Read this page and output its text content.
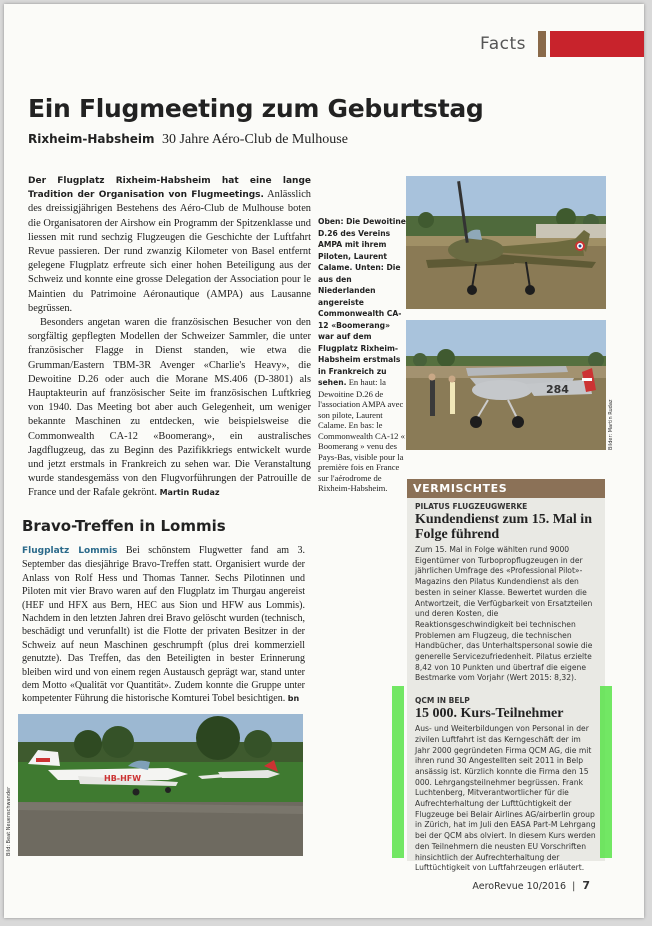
Facts
Ein Flugmeeting zum Geburtstag
Rixheim-Habsheim 30 Jahre Aéro-Club de Mulhouse

Der Flugplatz Rixheim-Habsheim hat eine lange Tradition der Organisation von Flugmeetings. Anlässlich des dreissigjährigen Bestehens des Aéro-Club de Mulhouse boten die Organisatoren der Airshow ein Programm der Spitzenklasse und liessen mit rund sechzig Flugzeugen die Geschichte der Luftfahrt Revue passieren. Der rund zwanzig Kilometer von Basel entfernt gelegene Flugplatz erfreute sich einer hohen Beteiligung aus der Schweiz und konnte eine grosse Delegation der Association pour le Maintien du Patrimoine Aéronautique (AMPA) aus Lausanne begrüssen.

Besonders angetan waren die französischen Besucher von den sorgfältig gepflegten Modellen der Schweizer Sammler, die unter französischer Flagge in Dienst standen, wie etwa die Grumman/Eastern TBM-3R Avenger «Charlie's Heavy», die Dewoitine D.26 oder auch die Morane MS.406 (D-3801) als Hauptakteurin auf französischer Seite im französischen Luftkrieg von 1940. Das Meeting bot aber auch Gelegenheit, um weniger bekannte Maschinen zu entdecken, wie beispielsweise die Commonwealth CA-12 «Boomerang», ein australisches Jagdflugzeug, das zu Beginn des Pazifikkriegs entwickelt wurde und jetzt erstmals in Frankreich zu sehen war. Die Veranstaltung wurde standesgemäss von den Flugvorführungen der Patrouille de France und der Rafale gekrönt. Martin Rudaz

Oben: Die Dewoitine D.26 des Vereins AMPA mit ihrem Piloten, Laurent Calame. Unten: Die aus den Niederlanden angereiste Commonwealth CA-12 «Boomerang» war auf dem Flugplatz Rixheim-Habsheim erstmals in Frankreich zu sehen. En haut: la Dewoitine D.26 de l'association AMPA avec son pilote, Laurent Calame. En bas: le Commonwealth CA-12 « Boomerang » venu des Pays-Bas, visible pour la première fois en France sur l'aérodrome de Rixheim-Habsheim.
284
Bilder: Martin Rudaz
Bravo-Treffen in Lommis

Flugplatz Lommis Bei schönstem Flugwetter fand am 3. September das diesjährige Bravo-Treffen statt. Organisiert wurde der Anlass von Rolf Hess und Thomas Tanner. Sechs Pilotinnen und Piloten mit vier Bravo waren auf den Flugplatz im Thurgau angereist (HEF und HFX aus Bern, HEC aus Sion und HFW aus Lommis). Nachdem in den letzten Jahren drei Bravo gelöscht wurden (technisch, beschädigt und verunfallt) ist die Flotte der privaten Besitzer in der Schweiz auf neun Maschinen geschrumpft (plus drei kommerziell genutzte). Das Treffen, das den Beteiligten in bester Erinnerung bleiben wird und von einem regen Austausch geprägt war, stand unter dem Motto «Qualität vor Quantität». Zudem konnte die Gruppe unter kompetenter Führung die historische Komturei Tobel besichtigen. bn

HB-HFW
Bild: Beat Neuenschwander
VERMISCHTES
PILATUS FLUGZEUGWERKE
Kundendienst zum 15. Mal in Folge führend
Zum 15. Mal in Folge wählten rund 9000 Eigentümer von Turbopropflugzeugen in der jährlichen Umfrage des «Professional Pilot»-Magazins den Pilatus Kundendienst als den besten in seiner Klasse. Bewertet wurden die Antwortzeit, die Verfügbarkeit von Ersatzteilen und deren Kosten, die Reaktionsgeschwindigkeit bei technischen Problemen am Flugzeug, die technischen Handbücher, das Unterhaltspersonal sowie die generelle Servicezufriedenheit. Pilatus erzielte 8,42 von 10 Punkten und übertraf die eigene Bestmarke vom Vorjahr (Wert 2015: 8,32).
QCM IN BELP
15 000. Kurs-Teilnehmer
Aus- und Weiterbildungen von Personal in der zivilen Luftfahrt ist das Kerngeschäft der im Jahr 2000 gegründeten Firma QCM AG, die mit ihren rund 30 Angestellten seit 2011 in Belp ansässig ist. Kürzlich konnte die Firma den 15 000. Lehrgangsteilnehmer begrüssen. Frank Luchtenberg, Mitverantwortlicher für die Aufrechterhaltung der Lufttüchtigkeit der Flugzeuge bei Belair Airlines AG/airberlin group in Zürich, hat im Juli den EASA Part-M Lehrgang bei der QCM abs olviert. In diesem Kurs werden den Teilnehmern die neusten EU Vorschriften hinsichtlich der Aufrechterhaltung der Lufttüchtigkeit von Luftfahrzeugen erläutert.
AeroRevue 10/2016 | 7
